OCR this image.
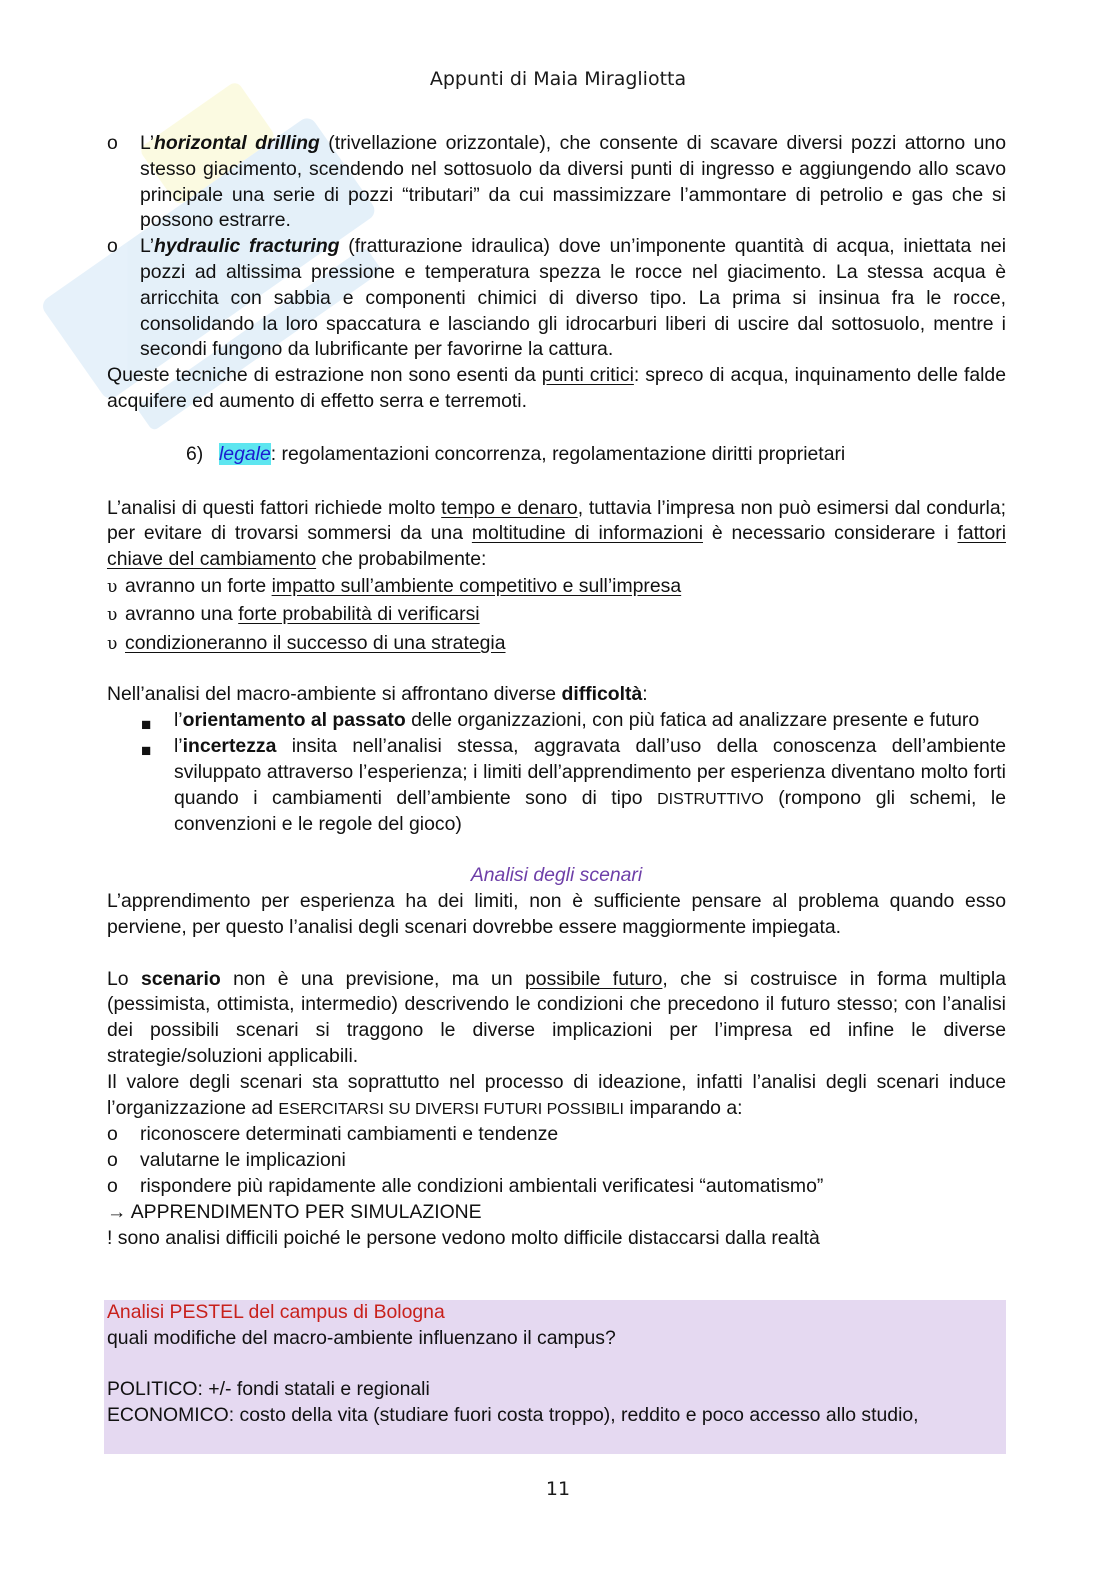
Appunti di Maia Miragliotta
o L’horizontal drilling (trivellazione orizzontale), che consente di scavare diversi pozzi attorno uno stesso giacimento, scendendo nel sottosuolo da diversi punti di ingresso e aggiungendo allo scavo principale una serie di pozzi “tributari” da cui massimizzare l’ammontare di petrolio e gas che si possono estrarre.
o L’hydraulic fracturing (fratturazione idraulica) dove un’imponente quantità di acqua, iniettata nei pozzi ad altissima pressione e temperatura spezza le rocce nel giacimento. La stessa acqua è arricchita con sabbia e componenti chimici di diverso tipo. La prima si insinua fra le rocce, consolidando la loro spaccatura e lasciando gli idrocarburi liberi di uscire dal sottosuolo, mentre i secondi fungono da lubrificante per favorirne la cattura.

Queste tecniche di estrazione non sono esenti da punti critici: spreco di acqua, inquinamento delle falde acquifere ed aumento di effetto serra e terremoti.

6) legale: regolamentazioni concorrenza, regolamentazione diritti proprietari

L’analisi di questi fattori richiede molto tempo e denaro, tuttavia l’impresa non può esimersi dal condurla; per evitare di trovarsi sommersi da una moltitudine di informazioni è necessario considerare i fattori chiave del cambiamento che probabilmente:

υ avranno un forte impatto sull’ambiente competitivo e sull’impresa
υ avranno una forte probabilità di verificarsi
υ condizioneranno il successo di una strategia

Nell’analisi del macro-ambiente si affrontano diverse difficoltà:

■ l’orientamento al passato delle organizzazioni, con più fatica ad analizzare presente e futuro
■ l’incertezza insita nell’analisi stessa, aggravata dall’uso della conoscenza dell’ambiente sviluppato attraverso l’esperienza; i limiti dell’apprendimento per esperienza diventano molto forti quando i cambiamenti dell’ambiente sono di tipo DISTRUTTIVO (rompono gli schemi, le convenzioni e le regole del gioco)

Analisi degli scenari

L’apprendimento per esperienza ha dei limiti, non è sufficiente pensare al problema quando esso perviene, per questo l’analisi degli scenari dovrebbe essere maggiormente impiegata.

Lo scenario non è una previsione, ma un possibile futuro, che si costruisce in forma multipla (pessimista, ottimista, intermedio) descrivendo le condizioni che precedono il futuro stesso; con l’analisi dei possibili scenari si traggono le diverse implicazioni per l’impresa ed infine le diverse strategie/soluzioni applicabili.

Il valore degli scenari sta soprattutto nel processo di ideazione, infatti l’analisi degli scenari induce l’organizzazione ad ESERCITARSI SU DIVERSI FUTURI POSSIBILI imparando a:

o riconoscere determinati cambiamenti e tendenze
o valutarne le implicazioni
o rispondere più rapidamente alle condizioni ambientali verificatesi “automatismo”

→ APPRENDIMENTO PER SIMULAZIONE

! sono analisi difficili poiché le persone vedono molto difficile distaccarsi dalla realtà

Analisi PESTEL del campus di Bologna

quali modifiche del macro-ambiente influenzano il campus?

POLITICO: +/- fondi statali e regionali

ECONOMICO: costo della vita (studiare fuori costa troppo), reddito e poco accesso allo studio,

11
